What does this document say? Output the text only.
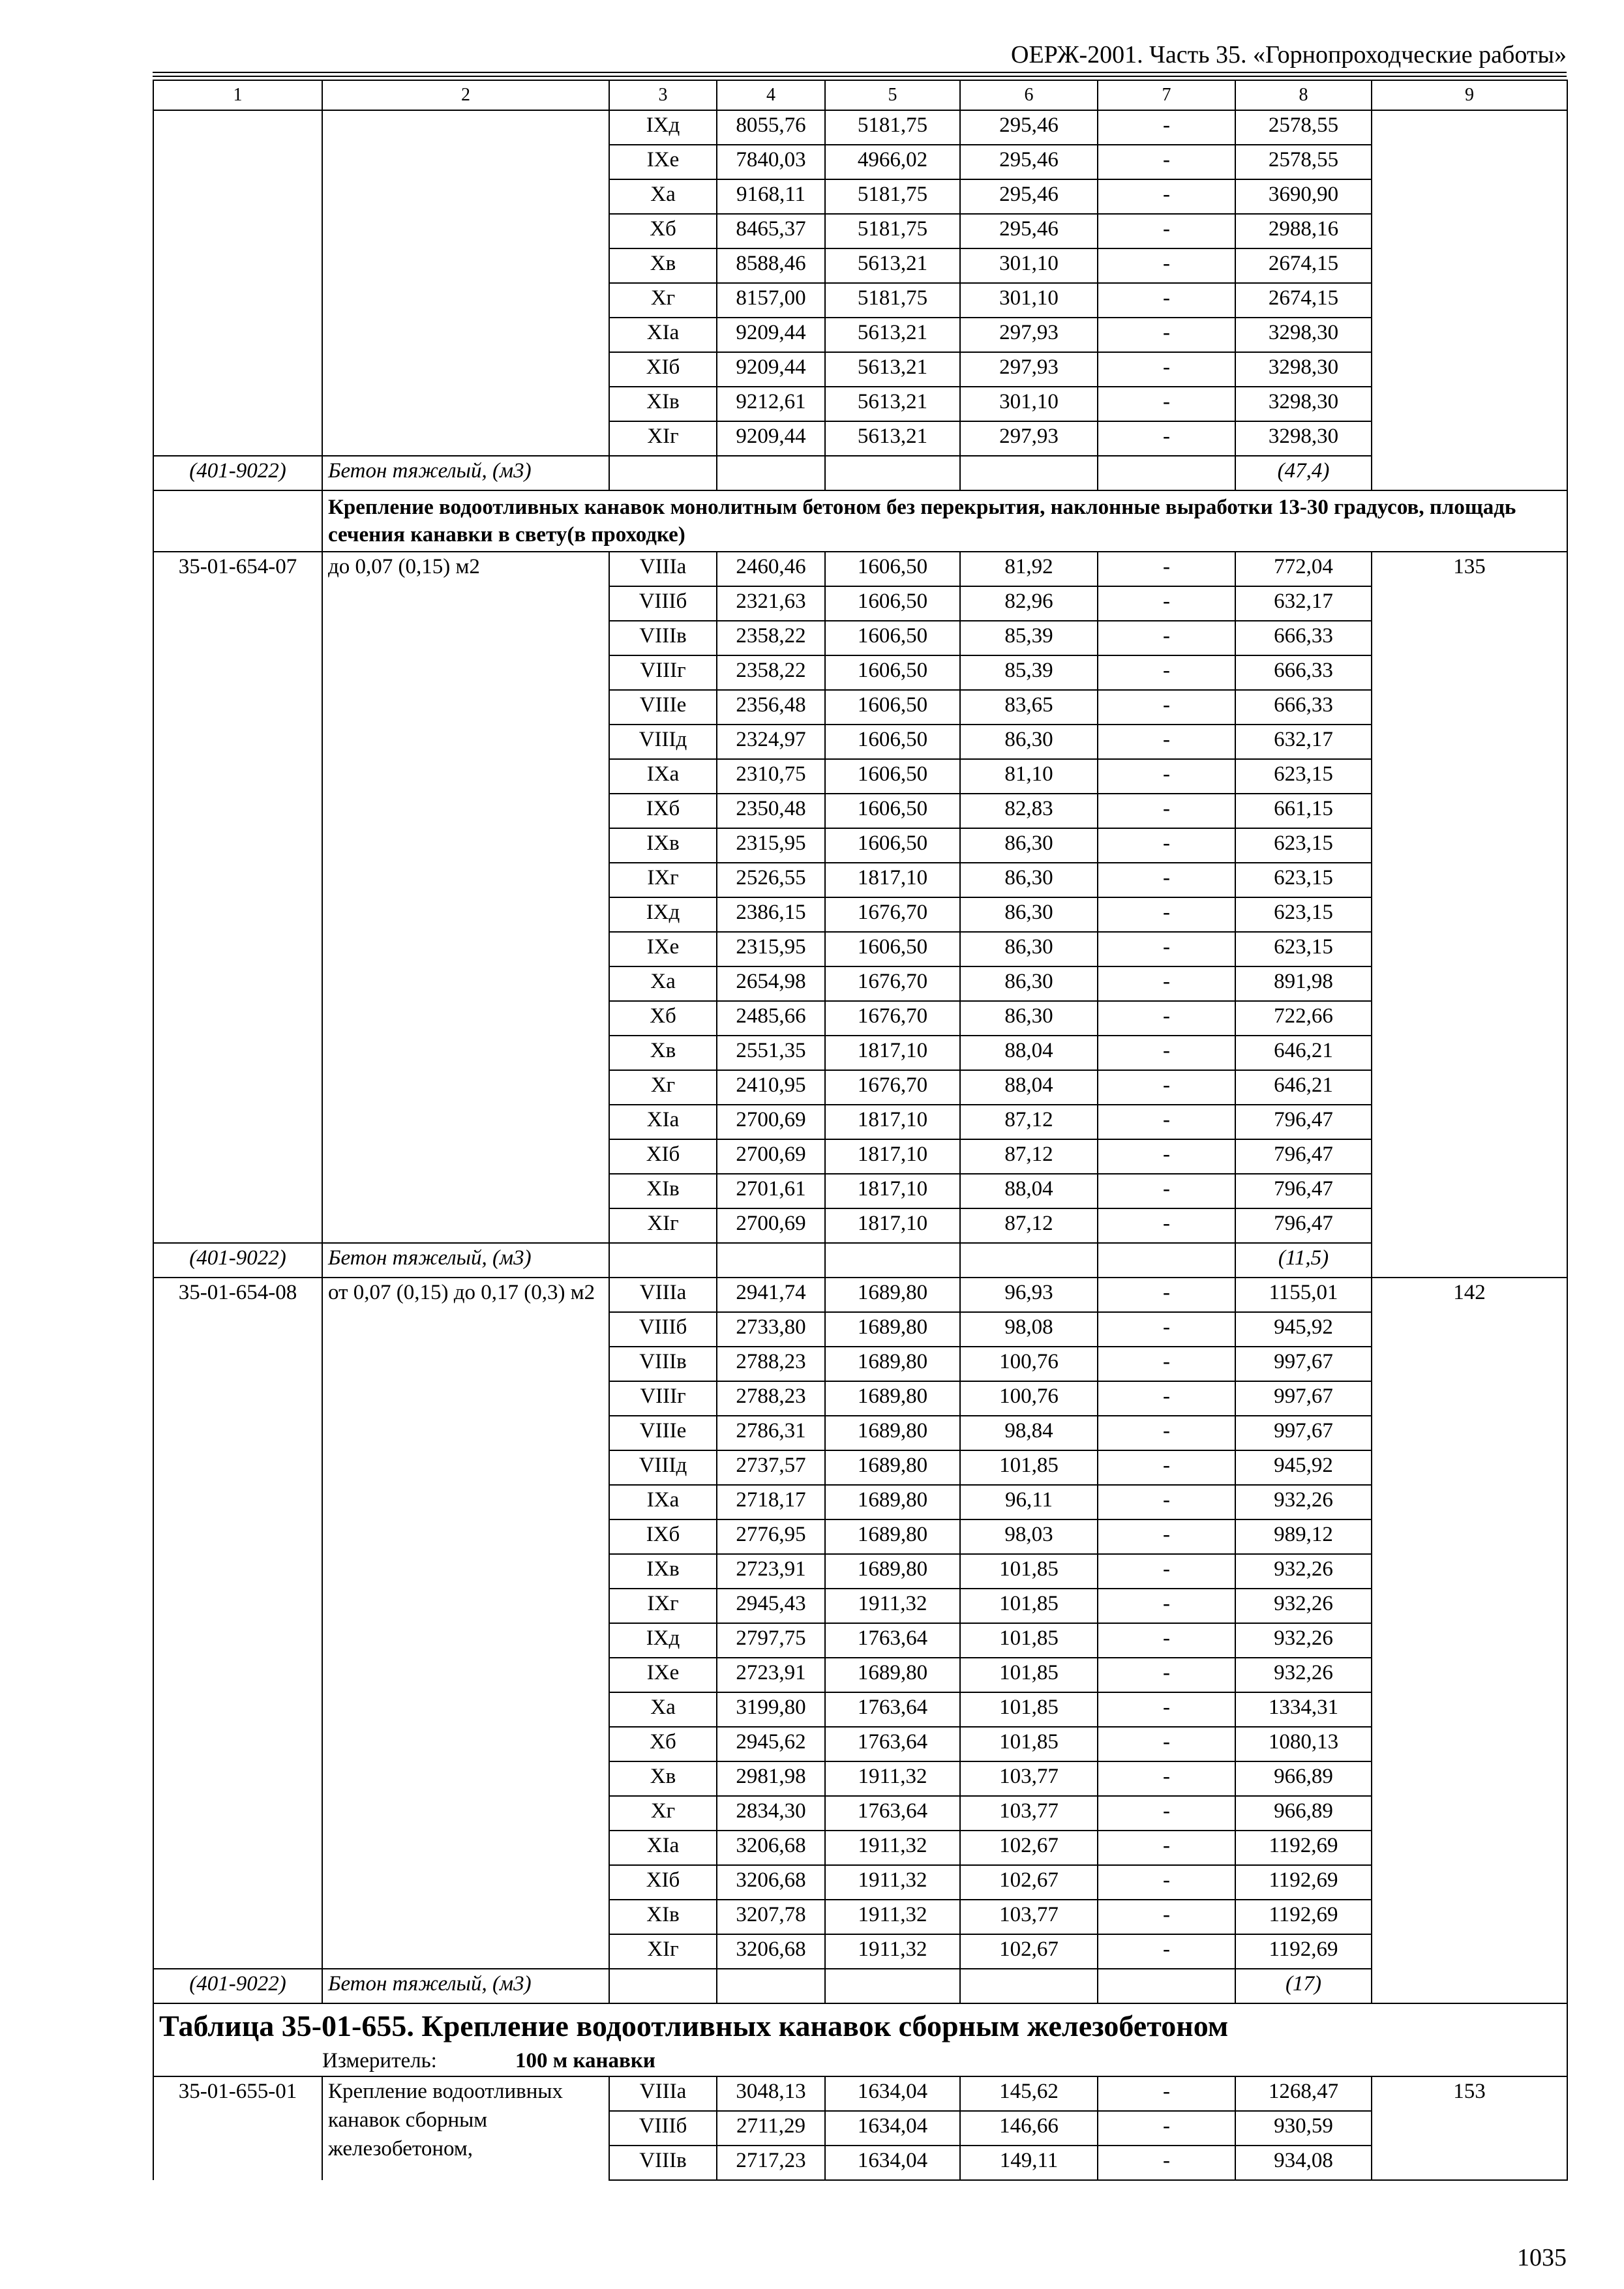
ОЕРЖ-2001. Часть 35. «Горнопроходческие работы»
1	2	3	4	5	6	7	8	9
		IXд	8055,76	5181,75	295,46	-	2578,55	
		IXе	7840,03	4966,02	295,46	-	2578,55	
		Xа	9168,11	5181,75	295,46	-	3690,90	
		Xб	8465,37	5181,75	295,46	-	2988,16	
		Xв	8588,46	5613,21	301,10	-	2674,15	
		Xг	8157,00	5181,75	301,10	-	2674,15	
		XIа	9209,44	5613,21	297,93	-	3298,30	
		XIб	9209,44	5613,21	297,93	-	3298,30	
		XIв	9212,61	5613,21	301,10	-	3298,30	
		XIг	9209,44	5613,21	297,93	-	3298,30	
(401-9022)	Бетон тяжелый, (м3)						(47,4)	
	Крепление водоотливных канавок монолитным бетоном без перекрытия, наклонные выработки 13-30 градусов, площадь сечения канавки в свету(в проходке)							
35-01-654-07	до 0,07 (0,15) м2	VIIIа	2460,46	1606,50	81,92	-	772,04	135
		VIIIб	2321,63	1606,50	82,96	-	632,17	
		VIIIв	2358,22	1606,50	85,39	-	666,33	
		VIIIг	2358,22	1606,50	85,39	-	666,33	
		VIIIе	2356,48	1606,50	83,65	-	666,33	
		VIIIд	2324,97	1606,50	86,30	-	632,17	
		IXа	2310,75	1606,50	81,10	-	623,15	
		IXб	2350,48	1606,50	82,83	-	661,15	
		IXв	2315,95	1606,50	86,30	-	623,15	
		IXг	2526,55	1817,10	86,30	-	623,15	
		IXд	2386,15	1676,70	86,30	-	623,15	
		IXе	2315,95	1606,50	86,30	-	623,15	
		Xа	2654,98	1676,70	86,30	-	891,98	
		Xб	2485,66	1676,70	86,30	-	722,66	
		Xв	2551,35	1817,10	88,04	-	646,21	
		Xг	2410,95	1676,70	88,04	-	646,21	
		XIа	2700,69	1817,10	87,12	-	796,47	
		XIб	2700,69	1817,10	87,12	-	796,47	
		XIв	2701,61	1817,10	88,04	-	796,47	
		XIг	2700,69	1817,10	87,12	-	796,47	
(401-9022)	Бетон тяжелый, (м3)						(11,5)	
35-01-654-08	от 0,07 (0,15) до 0,17 (0,3) м2	VIIIа	2941,74	1689,80	96,93	-	1155,01	142
		VIIIб	2733,80	1689,80	98,08	-	945,92	
		VIIIв	2788,23	1689,80	100,76	-	997,67	
		VIIIг	2788,23	1689,80	100,76	-	997,67	
		VIIIе	2786,31	1689,80	98,84	-	997,67	
		VIIIд	2737,57	1689,80	101,85	-	945,92	
		IXа	2718,17	1689,80	96,11	-	932,26	
		IXб	2776,95	1689,80	98,03	-	989,12	
		IXв	2723,91	1689,80	101,85	-	932,26	
		IXг	2945,43	1911,32	101,85	-	932,26	
		IXд	2797,75	1763,64	101,85	-	932,26	
		IXе	2723,91	1689,80	101,85	-	932,26	
		Xа	3199,80	1763,64	101,85	-	1334,31	
		Xб	2945,62	1763,64	101,85	-	1080,13	
		Xв	2981,98	1911,32	103,77	-	966,89	
		Xг	2834,30	1763,64	103,77	-	966,89	
		XIа	3206,68	1911,32	102,67	-	1192,69	
		XIб	3206,68	1911,32	102,67	-	1192,69	
		XIв	3207,78	1911,32	103,77	-	1192,69	
		XIг	3206,68	1911,32	102,67	-	1192,69	
(401-9022)	Бетон тяжелый, (м3)						(17)	
Таблица 35-01-655. Крепление водоотливных канавок сборным железобетоном								
Измеритель: 100 м канавки								
35-01-655-01	Крепление водоотливных канавок сборным железобетоном,	VIIIа	3048,13	1634,04	145,62	-	1268,47	153
		VIIIб	2711,29	1634,04	146,66	-	930,59	
		VIIIв	2717,23	1634,04	149,11	-	934,08	
1035
